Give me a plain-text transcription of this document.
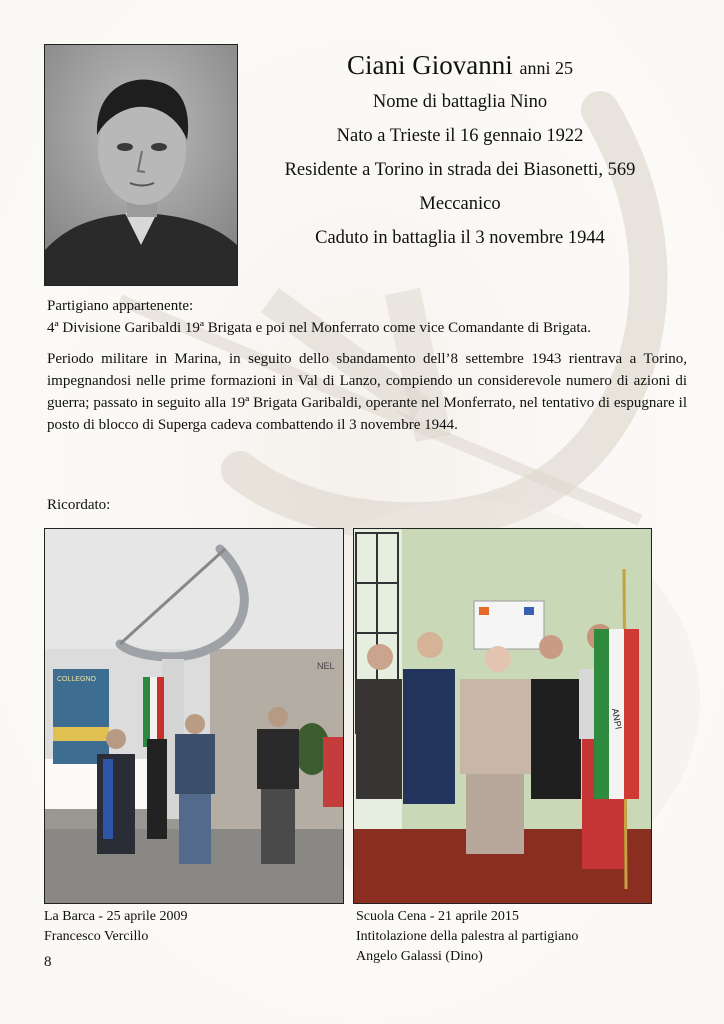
Ciani Giovanni anni 25
Nome di battaglia Nino
Nato a Trieste il 16 gennaio 1922
Residente a Torino in strada dei Biasonetti, 569
Meccanico
Caduto in battaglia il 3 novembre 1944

Partigiano appartenente:

4ª Divisione Garibaldi 19ª Brigata e poi nel Monferrato come vice Comandante di Brigata.

Periodo militare in Marina, in seguito dello sbandamento dell’8 settembre 1943 rientrava a Torino, impegnandosi nelle prime formazioni in Val di Lanzo, compiendo un considerevole numero di azioni di guerra; passato in seguito alla 19ª Brigata Garibaldi, operante nel Monferrato, nel tentativo di espugnare il posto di blocco di Superga cadeva combattendo il 3 novembre 1944.

Ricordato:
NEL
COLLEGNO
ANPI
La Barca - 25 aprile 2009
Francesco Vercillo
Scuola Cena - 21 aprile 2015
Intitolazione della palestra al partigiano
Angelo Galassi (Dino)
8
